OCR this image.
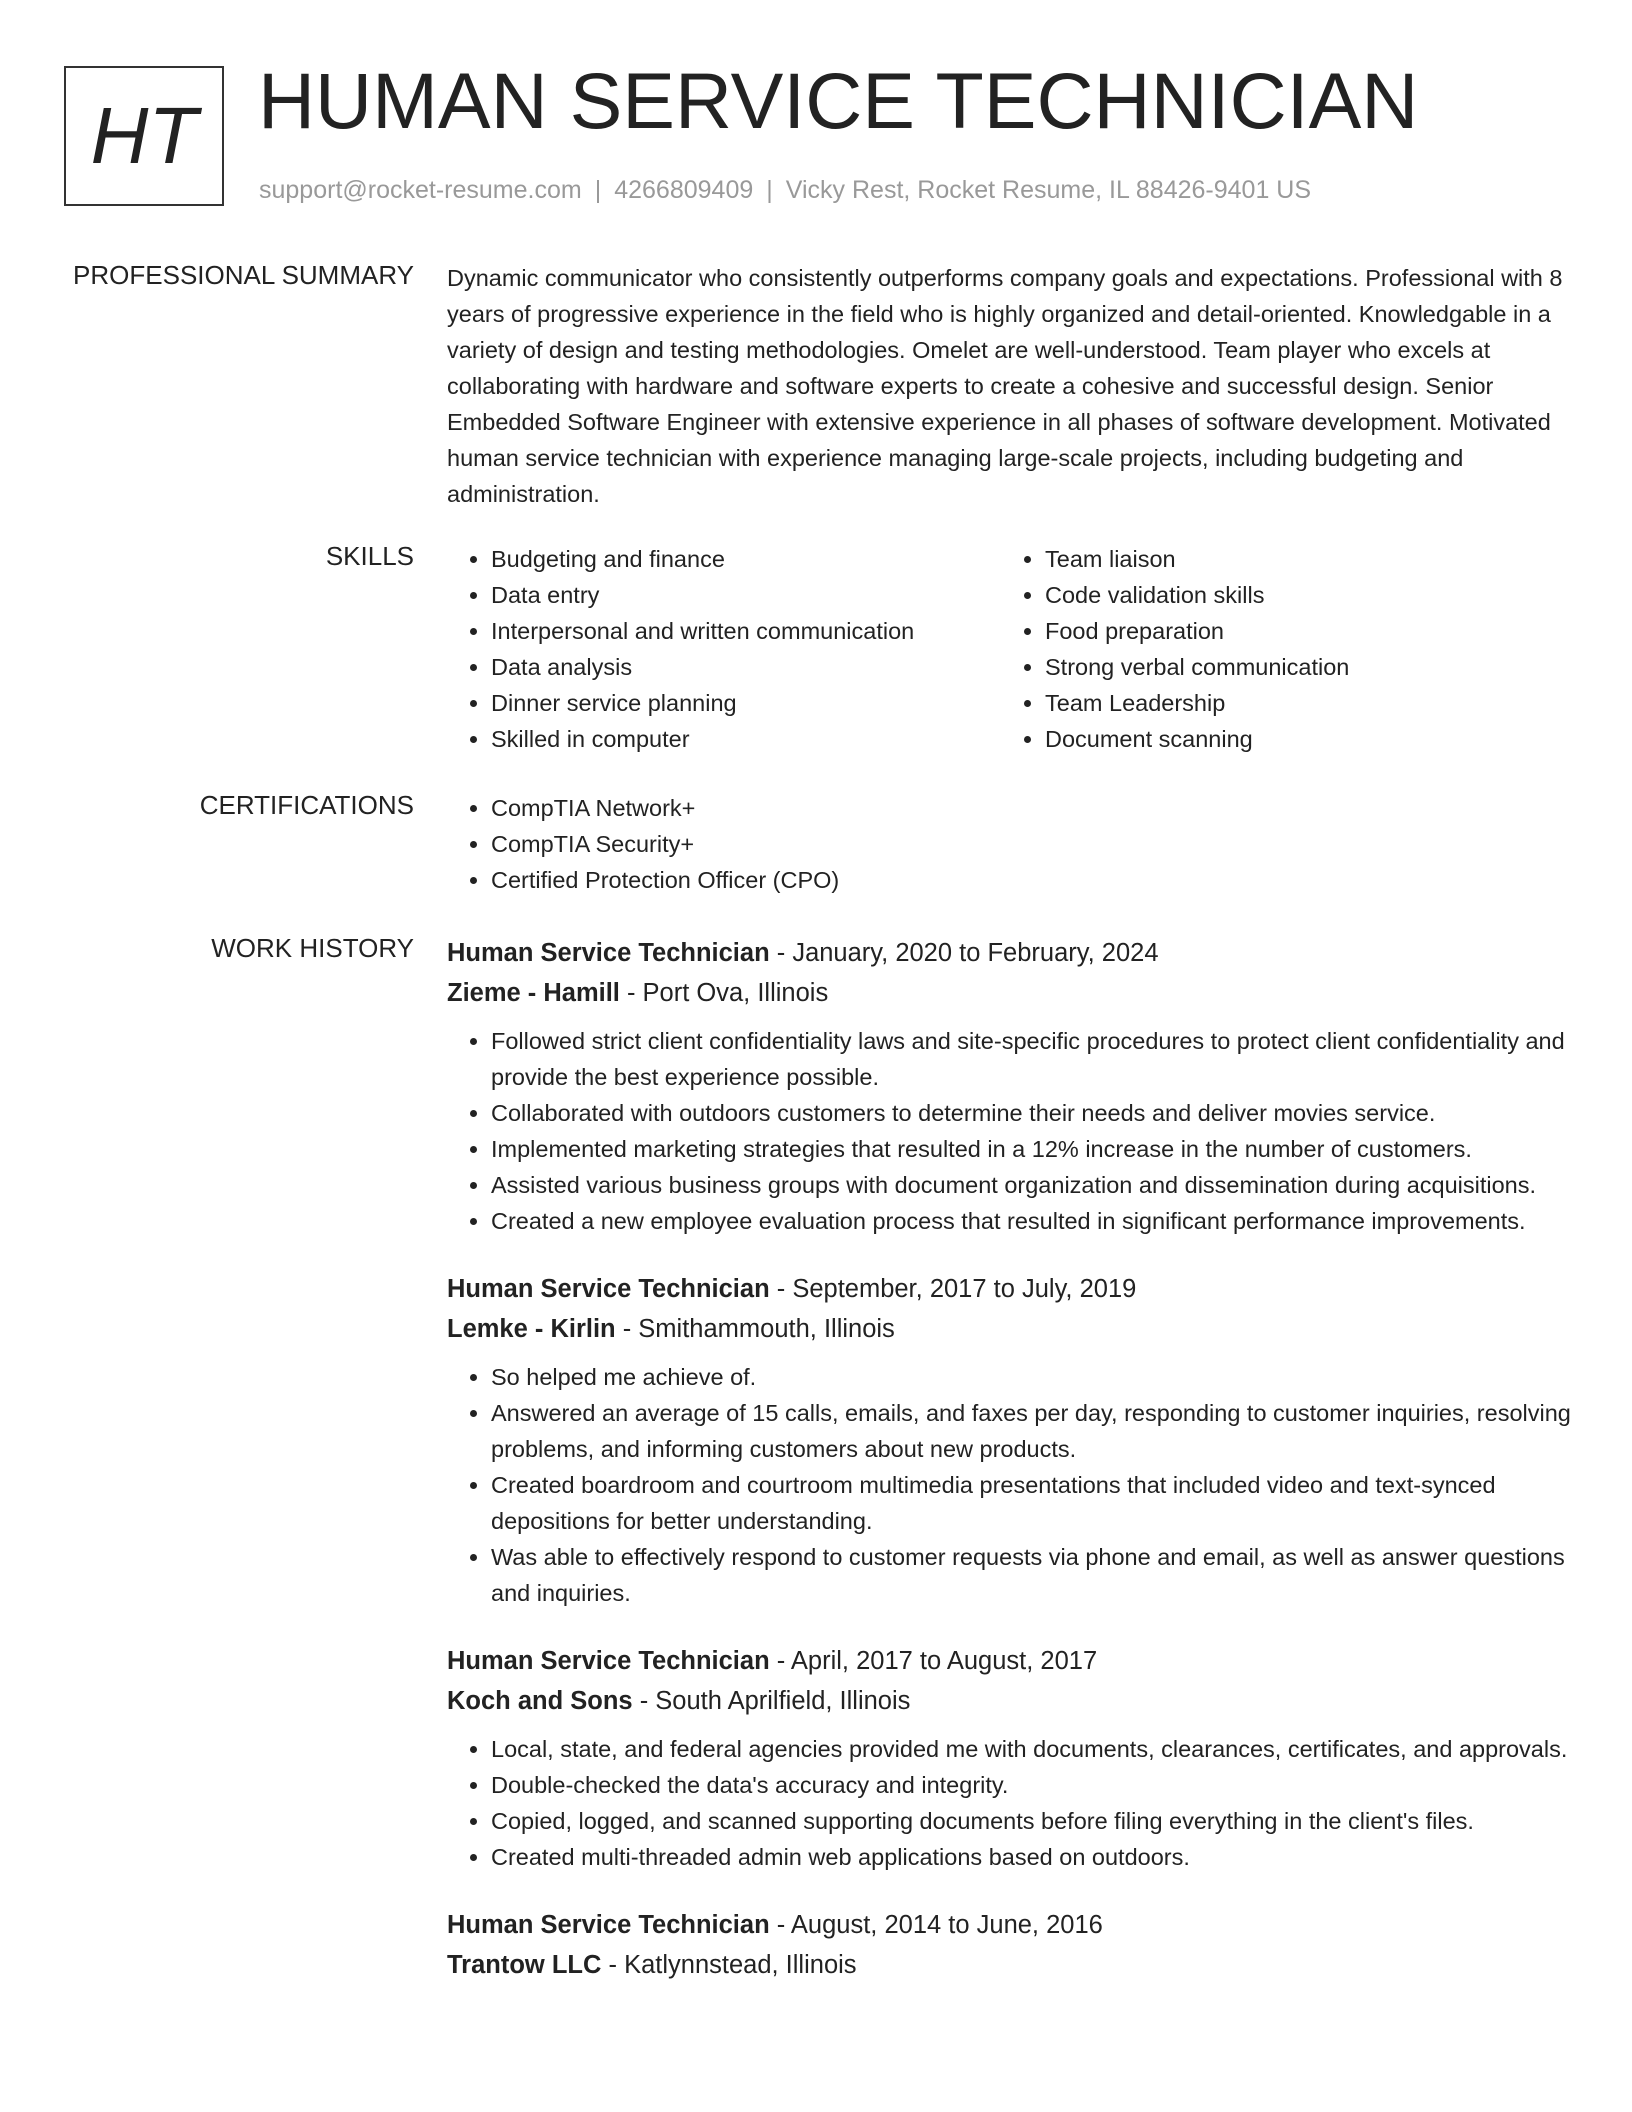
HT HUMAN SERVICE TECHNICIAN
support@rocket-resume.com | 4266809409 | Vicky Rest, Rocket Resume, IL 88426-9401 US
PROFESSIONAL SUMMARY Dynamic communicator who consistently outperforms company goals and expectations. Professional with 8 years of progressive experience in the field who is highly organized and detail-oriented. Knowledgable in a variety of design and testing methodologies. Omelet are well-understood. Team player who excels at collaborating with hardware and software experts to create a cohesive and successful design. Senior Embedded Software Engineer with extensive experience in all phases of software development. Motivated human service technician with experience managing large-scale projects, including budgeting and administration.

SKILLS	• Budgeting and finance
• Data entry
• Interpersonal and written communication
• Data analysis
• Dinner service planning
• Skilled in computer
• Team liaison
• Code validation skills
• Food preparation
• Strong verbal communication
• Team Leadership
• Document scanning
CERTIFICATIONS	• CompTIA Network+
• CompTIA Security+
• Certified Protection Officer (CPO)
WORK HISTORY Human Service Technician - January, 2020 to February, 2024
Zieme - Hamill - Port Ova, Illinois
• Followed strict client confidentiality laws and site-specific procedures to protect client confidentiality and provide the best experience possible.
• Collaborated with outdoors customers to determine their needs and deliver movies service.
• Implemented marketing strategies that resulted in a 12% increase in the number of customers.
• Assisted various business groups with document organization and dissemination during acquisitions.
• Created a new employee evaluation process that resulted in significant performance improvements.
Human Service Technician - September, 2017 to July, 2019
Lemke - Kirlin - Smithammouth, Illinois
• So helped me achieve of.
• Answered an average of 15 calls, emails, and faxes per day, responding to customer inquiries, resolving problems, and informing customers about new products.
• Created boardroom and courtroom multimedia presentations that included video and text-synced depositions for better understanding.
• Was able to effectively respond to customer requests via phone and email, as well as answer questions and inquiries.
Human Service Technician - April, 2017 to August, 2017
Koch and Sons - South Aprilfield, Illinois
• Local, state, and federal agencies provided me with documents, clearances, certificates, and approvals.
• Double-checked the data's accuracy and integrity.
• Copied, logged, and scanned supporting documents before filing everything in the client's files.
• Created multi-threaded admin web applications based on outdoors.
Human Service Technician - August, 2014 to June, 2016
Trantow LLC - Katlynnstead, Illinois
